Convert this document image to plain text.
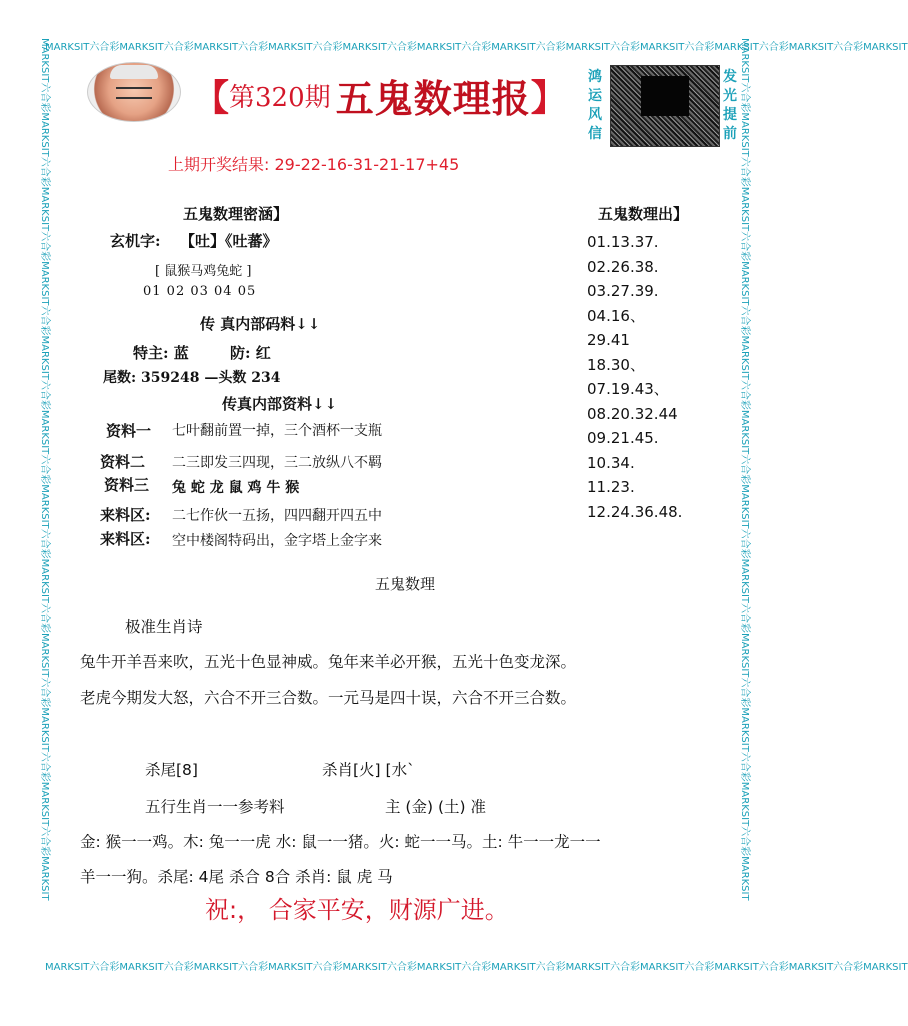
MARKSIT六合彩MARKSIT六合彩MARKSIT六合彩MARKSIT六合彩MARKSIT六合彩MARKSIT六合彩MARKSIT六合彩MARKSIT六合彩MARKSIT六合彩MARKSIT六合彩MARKSIT六合彩MARKSIT
MARKSIT六合彩MARKSIT六合彩MARKSIT六合彩MARKSIT六合彩MARKSIT六合彩MARKSIT六合彩MARKSIT六合彩MARKSIT六合彩MARKSIT六合彩MARKSIT六合彩MARKSIT六合彩MARKSIT
MARKSIT六合彩MARKSIT六合彩MARKSIT六合彩MARKSIT六合彩MARKSIT六合彩MARKSIT六合彩MARKSIT六合彩MARKSIT六合彩MARKSIT六合彩MARKSIT六合彩MARKSIT六合彩MARKSIT	MARKSIT六合彩MARKSIT六合彩MARKSIT六合彩MARKSIT六合彩MARKSIT六合彩MARKSIT六合彩MARKSIT六合彩MARKSIT六合彩MARKSIT六合彩MARKSIT六合彩MARKSIT六合彩MARKSIT
【第320期 五鬼数理报】 鸿
运
风
信
发
光
提
前
上期开奖结果: 29-22-16-31-21-17+45
五鬼数理密涵】
玄机字: 【吐】《吐蕃》
[ 鼠猴马鸡兔蛇 ]
01 02 03 04 05
传 真内部码料↓↓
特主: 蓝	防: 红
尾数: 359248 —头数 234
传真内部资料↓↓
资料一 七叶翻前置一掉，三个酒杯一支瓶
资料二 二三即发三四现，三二放纵八不羁
资料三 兔 蛇 龙 鼠 鸡 牛 猴
来料区: 二七作伙一五扬，四四翻开四五中
来料区: 空中楼阁特码出，金字塔上金字来
五鬼数理出】
01.13.37.
02.26.38.
03.27.39.
04.16、
29.41
18.30、
07.19.43、
08.20.32.44
09.21.45.
10.34.
11.23.
12.24.36.48.
五鬼数理
极准生肖诗
兔牛开羊吾来吹，五光十色显神威。兔年来羊必开猴，五光十色变龙深。
老虎今期发大怒，六合不开三合数。一元马是四十误，六合不开三合数。
杀尾[8]	杀肖[火] [水`
五行生肖一一参考料	主 (金) (土) 准
金: 猴一一鸡。木: 兔一一虎 水: 鼠一一猪。火: 蛇一一马。土: 牛一一龙一一
羊一一狗。杀尾: 4尾 杀合 8合 杀肖: 鼠 虎 马
祝:， 合家平安，财源广进。
